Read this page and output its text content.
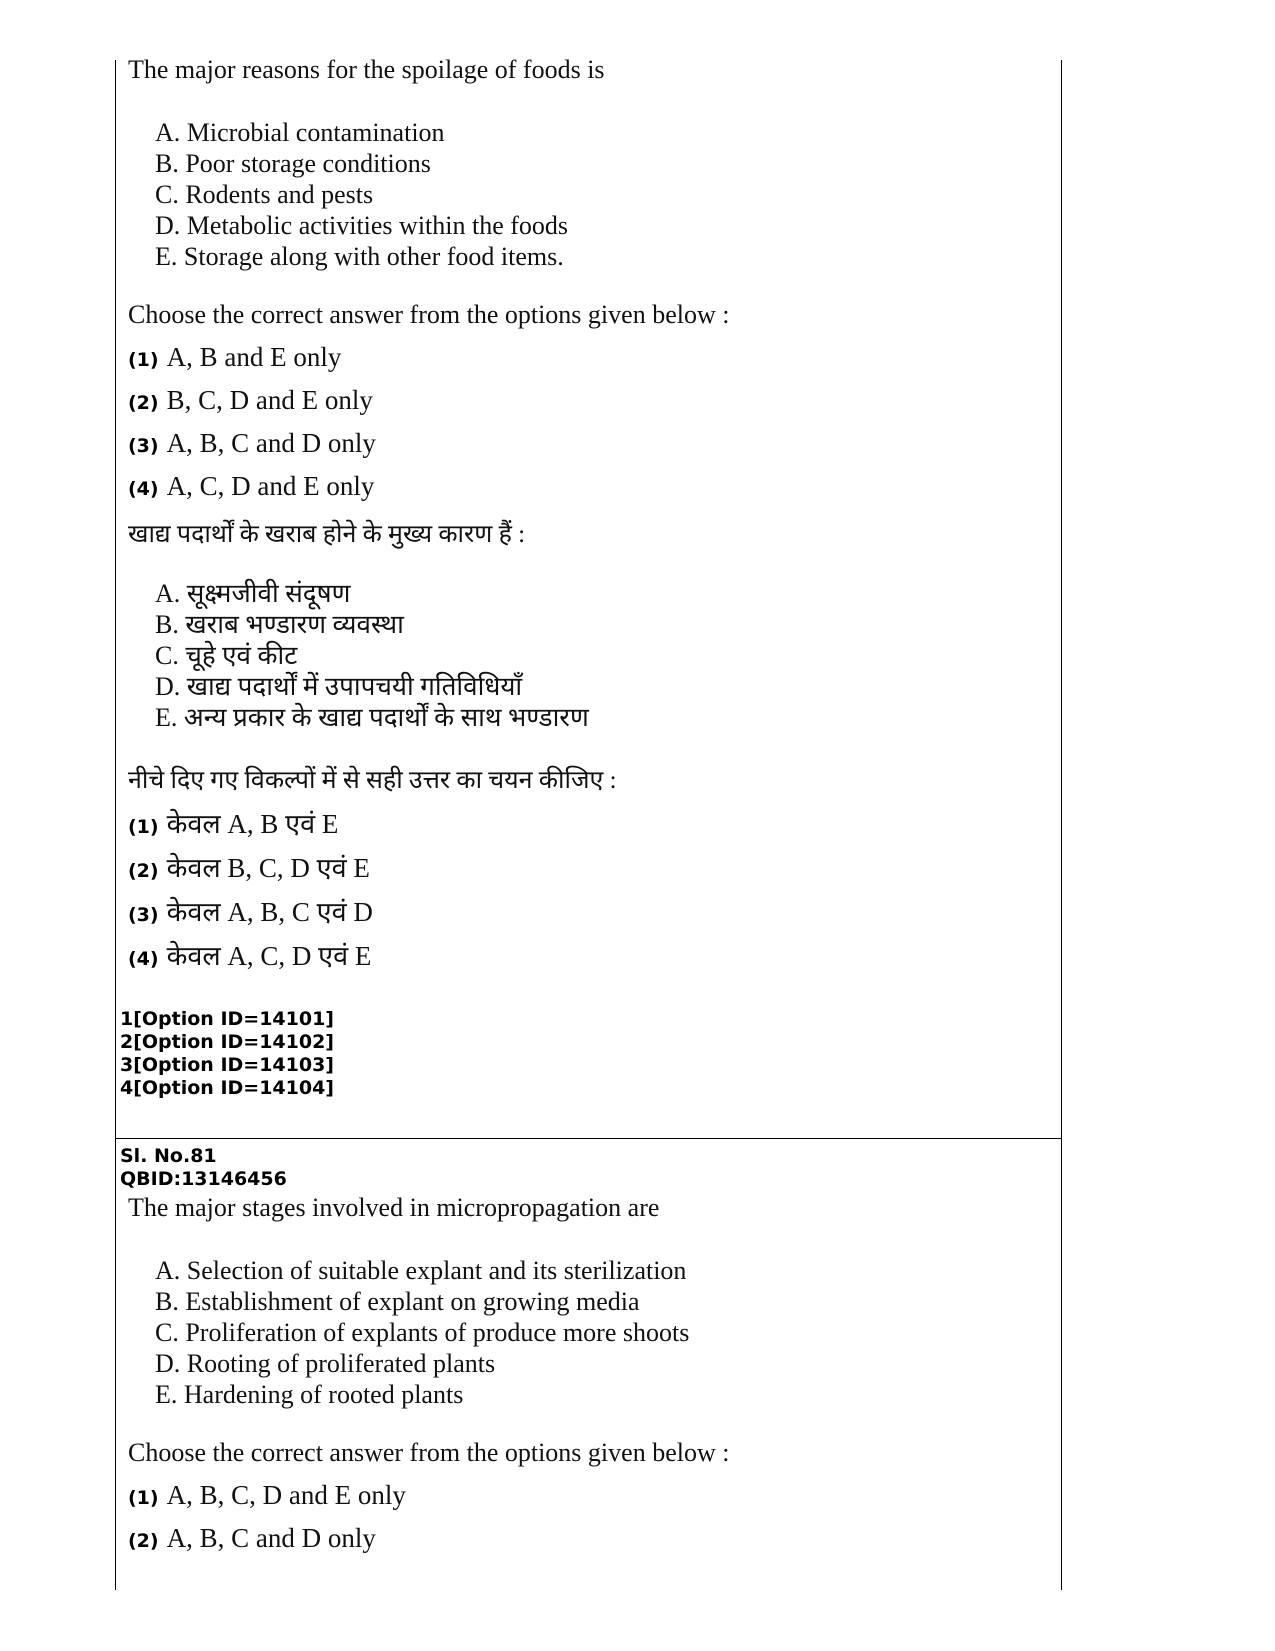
The major reasons for the spoilage of foods is
A. Microbial contamination
B. Poor storage conditions
C. Rodents and pests
D. Metabolic activities within the foods
E. Storage along with other food items.
Choose the correct answer from the options given below :
(1) A, B and E only
(2) B, C, D and E only
(3) A, B, C and D only
(4) A, C, D and E only
खाद्य पदार्थों के खराब होने के मुख्य कारण हैं :
A. सूक्ष्मजीवी संदूषण
B. खराब भण्डारण व्यवस्था
C. चूहे एवं कीट
D. खाद्य पदार्थों में उपापचयी गतिविधियाँ
E. अन्य प्रकार के खाद्य पदार्थों के साथ भण्डारण
नीचे दिए गए विकल्पों में से सही उत्तर का चयन कीजिए :
(1) केवल A, B एवं E
(2) केवल B, C, D एवं E
(3) केवल A, B, C एवं D
(4) केवल A, C, D एवं E
1[Option ID=14101]
2[Option ID=14102]
3[Option ID=14103]
4[Option ID=14104]
Sl. No.81
QBID:13146456
The major stages involved in micropropagation are
A. Selection of suitable explant and its sterilization
B. Establishment of explant on growing media
C. Proliferation of explants of produce more shoots
D. Rooting of proliferated plants
E. Hardening of rooted plants
Choose the correct answer from the options given below :
(1) A, B, C, D and E only
(2) A, B, C and D only
